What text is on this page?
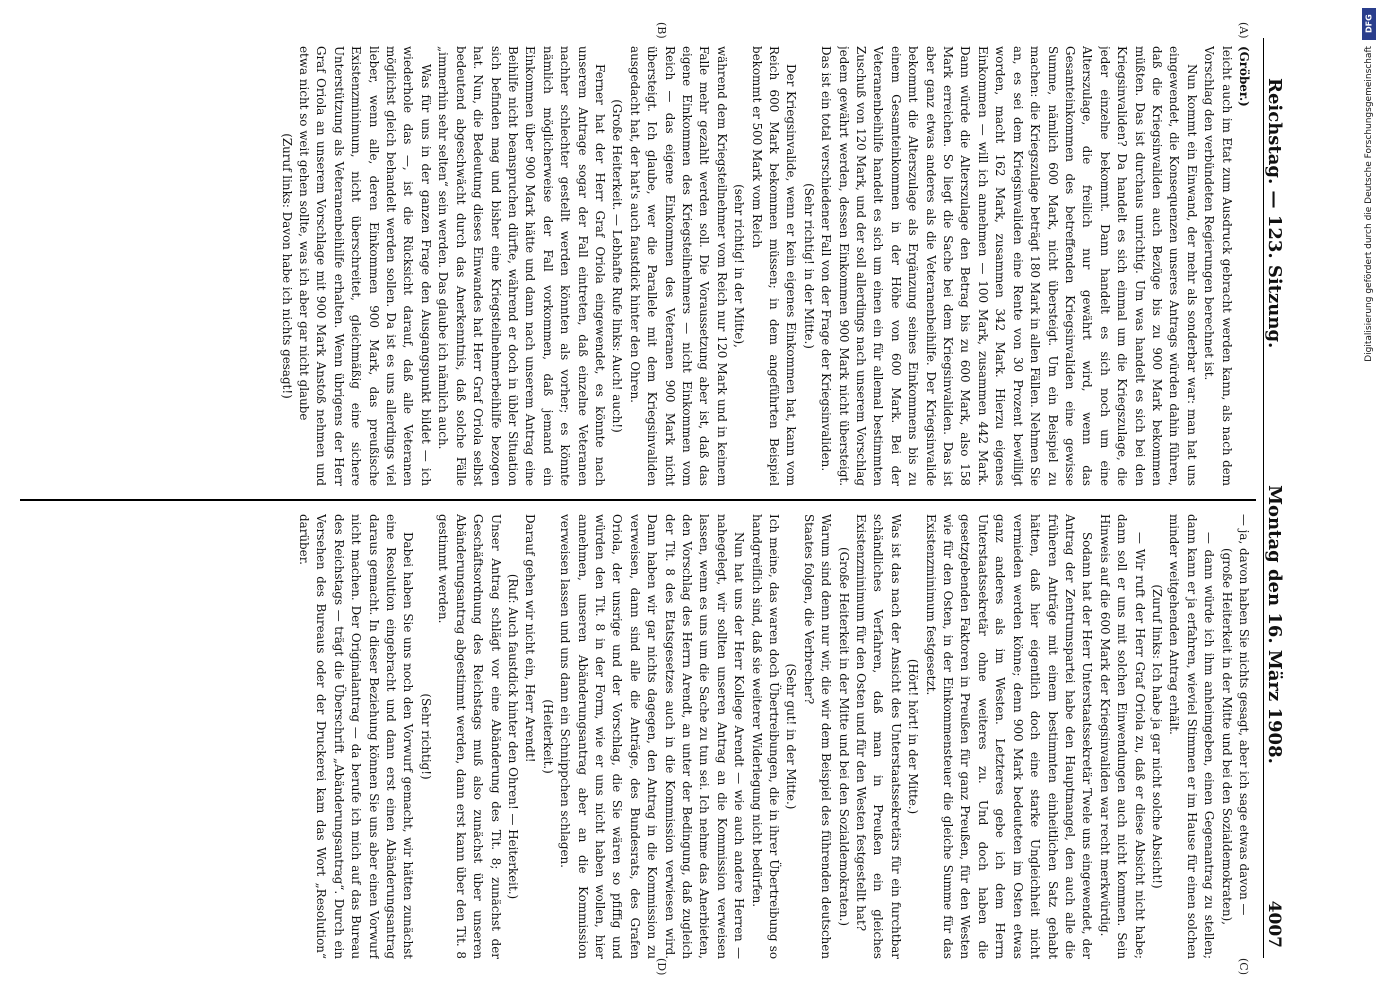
Reichstag. — 123. Sitzung.
Montag den 16. März 1908.
4007
(A)
(B)
(C)
(D)

(Gröber.)

leicht auch im Etat zum Ausdruck gebracht werden kann, als nach dem Vorschlag den verbündeten Regierungen berechnet ist.

Nun kommt ein Einwand, der mehr als sonderbar war: man hat uns eingewendet, die Konsequenzen unseres Antrags würden dahin führen, daß die Kriegsinvaliden auch Bezüge bis zu 900 Mark bekommen müßten. Das ist durchaus unrichtig. Um was handelt es sich bei den Kriegsinvaliden? Da handelt es sich einmal um die Kriegszulage, die jeder einzelne bekommt. Dann handelt es sich noch um eine Alterszulage, die freilich nur gewährt wird, wenn das Gesamteinkommen des betreffenden Kriegsinvaliden eine gewisse Summe, nämlich 600 Mark, nicht übersteigt. Um ein Beispiel zu machen: die Kriegszulage beträgt 180 Mark in allen Fällen. Nehmen Sie an, es sei dem Kriegsinvaliden eine Rente von 30 Prozent bewilligt worden, macht 162 Mark, zusammen 342 Mark. Hierzu eigenes Einkommen — will ich annehmen — 100 Mark, zusammen 442 Mark. Dann würde die Alterszulage den Betrag bis zu 600 Mark, also 158 Mark erreichen. So liegt die Sache bei dem Kriegsinvaliden. Das ist aber ganz etwas anderes als die Veteranenbeihilfe. Der Kriegsinvalide bekommt die Alterszulage als Ergänzung seines Einkommens bis zu einem Gesamteinkommen in der Höhe von 600 Mark. Bei der Veteranenbeihilfe handelt es sich um einen ein für allemal bestimmten Zuschuß von 120 Mark, und der soll allerdings nach unserem Vorschlag jedem gewährt werden, dessen Einkommen 900 Mark nicht übersteigt. Das ist ein total verschiedener Fall von der Frage der Kriegsinvaliden.

(Sehr richtig! in der Mitte.)

Der Kriegsinvalide, wenn er kein eigenes Einkommen hat, kann vom Reich 600 Mark bekommen müssen; in dem angeführten Beispiel bekommt er 500 Mark vom Reich

(sehr richtig! in der Mitte),

während dem Kriegsteilnehmer vom Reich nur 120 Mark und in keinem Falle mehr gezahlt werden soll. Die Voraussetzung aber ist, daß das eigene Einkommen des Kriegsteilnehmers — nicht Einkommen vom Reich — das eigene Einkommen des Veteranen 900 Mark nicht übersteigt. Ich glaube, wer die Parallele mit dem Kriegsinvaliden ausgedacht hat, der hat's auch faustdick hinter den Ohren.

(Große Heiterkeit. — Lebhafte Rufe links: Auch! auch!)

Ferner hat der Herr Graf Oriola eingewendet, es könnte nach unserem Antrage sogar der Fall eintreten, daß einzelne Veteranen nachher schlechter gestellt werden könnten als vorher; es könnte nämlich möglicherweise der Fall vorkommen, daß jemand ein Einkommen über 900 Mark hätte und dann nach unserem Antrag eine Beihilfe nicht beanspruchen dürfte, während er doch in übler Situation sich befinden mag und bisher eine Kriegsteilnehmerbeihilfe bezogen hat. Nun, die Bedeutung dieses Einwandes hat Herr Graf Oriola selbst bedeutend abgeschwächt durch das Anerkenntnis, daß solche Fälle „immerhin sehr selten“ sein werden. Das glaube ich nämlich auch.

Was für uns in der ganzen Frage den Ausgangspunkt bildet — ich wiederhole das —, ist die Rücksicht darauf, daß alle Veteranen möglichst gleich behandelt werden sollen. Da ist es uns allerdings viel lieber, wenn alle, deren Einkommen 900 Mark, das preußische Existenzminimum, nicht überschreitet, gleichmäßig eine sichere Unterstützung als Veteranenbeihilfe erhalten. Wenn übrigens der Herr Graf Oriola an unserem Vorschlage mit 900 Mark Anstoß nehmen und etwa nicht so weit gehen sollte, was ich aber gar nicht glaube

(Zuruf links: Davon habe ich nichts gesagt!)

— ja, davon haben Sie nichts gesagt, aber ich sage etwas davon —

(große Heiterkeit in der Mitte und bei den Sozialdemokraten),

— dann würde ich ihm anheimgeben, einen Gegenantrag zu stellen; dann kann er ja erfahren, wieviel Stimmen er im Hause für einen solchen minder weitgehenden Antrag erhält.

(Zuruf links: Ich habe ja gar nicht solche Absicht!)

— Wir ruft der Herr Graf Oriola zu, daß er diese Absicht nicht habe; dann soll er uns mit solchen Einwendungen auch nicht kommen. Sein Hinweis auf die 600 Mark der Kriegsinvaliden war recht merkwürdig.

Sodann hat der Herr Unterstaatssekretär Twele uns eingewendet, der Antrag der Zentrumspartei habe den Hauptmangel, den auch alle die früheren Anträge mit einem bestimmten einheitlichen Satz gehabt hätten, daß hier eigentlich doch eine starke Ungleichheit nicht vermieden werden könne; denn 900 Mark bedeuteten im Osten etwas ganz anderes als im Westen. Letzteres gebe ich dem Herrn Unterstaatssekretär ohne weiteres zu. Und doch haben die gesetzgebenden Faktoren in Preußen für ganz Preußen, für den Westen wie für den Osten, in der Einkommensteuer die gleiche Summe für das Existenzminimum festgesetzt.

(Hört! hört! in der Mitte.)

Was ist das nach der Ansicht des Unterstaatssekretärs für ein furchtbar schändliches Verfahren, daß man in Preußen ein gleiches Existenzminimum für den Osten und für den Westen festgestellt hat?

(Große Heiterkeit in der Mitte und bei den Sozialdemokraten.)

Warum sind denn nur wir, die wir dem Beispiel des führenden deutschen Staates folgen, die Verbrecher?

(Sehr gut! in der Mitte.)

Ich meine, das waren doch Übertreibungen, die in ihrer Übertreibung so handgreiflich sind, daß sie weiterer Widerlegung nicht bedürfen.

Nun hat uns der Herr Kollege Arendt — wie auch andere Herren — nahegelegt, wir sollten unseren Antrag an die Kommission verweisen lassen, wenn es uns um die Sache zu tun sei. Ich nehme das Anerbieten, den Vorschlag des Herrn Arendt, an unter der Bedingung, daß zugleich der Tit. 8 des Etatsgesetzes auch in die Kommission verwiesen wird. Dann haben wir gar nichts dagegen, den Antrag in die Kommission zu verweisen, dann sind alle die Anträge, des Bundesrats, des Grafen Oriola, der unsrige und der Vorschlag, die Sie wären so pfiffig und würden den Tit. 8 in der Form, wie er uns nicht haben wollen, hier annehmen, unseren Abänderungsantrag aber an die Kommission verweisen lassen und uns dann ein Schnippchen schlagen.

(Heiterkeit.)

Darauf gehen wir nicht ein, Herr Arendt!

(Ruf: Auch faustdick hinter den Ohren! — Heiterkeit.)

Unser Antrag schlägt vor eine Abänderung des Tit. 8; zunächst der Geschäftsordnung des Reichstags muß also zunächst über unseren Abänderungsantrag abgestimmt werden, dann erst kann über den Tit. 8 gestimmt werden.

(Sehr richtig!)

Dabei haben Sie uns noch den Vorwurf gemacht, wir hätten zunächst eine Resolution eingebracht und dann erst einen Abänderungsantrag daraus gemacht. In dieser Beziehung können Sie uns aber einen Vorwurf nicht machen. Der Originalantrag — da berufe ich mich auf das Bureau des Reichstags — trägt die Überschrift „Abänderungsantrag“. Durch ein Versehen des Bureaus oder der Druckerei kam das Wort „Resolution“ darüber.

DFG
Digitalisierung gefördert durch die Deutsche Forschungsgemeinschaft
